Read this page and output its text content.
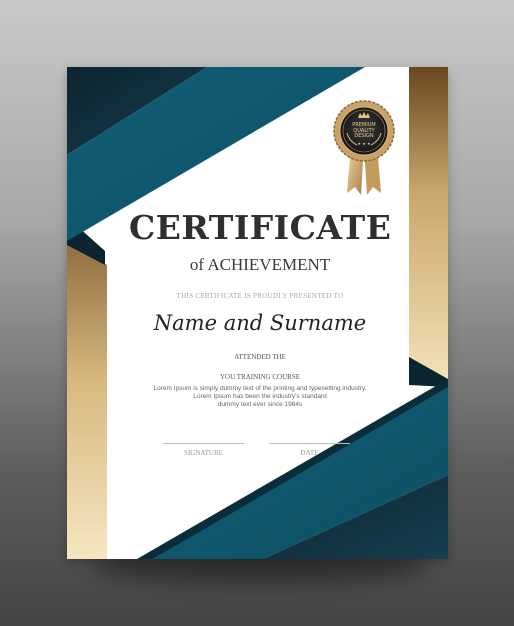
★ ★ ★

PREMIUM
QUALITY
DESIGN

CERTIFICATE

of ACHIEVEMENT

THIS CERTIFICATE IS PROUDLY PRESENTED TO

Name and Surname

ATTENDED THE

YOU TRAINING COURSE

Lorem Ipsum is simply dummy text of the printing and typesetting industry.
Lorem Ipsum has been the industry's standard
dummy text ever since 1984s

SIGNATURE	DATE
